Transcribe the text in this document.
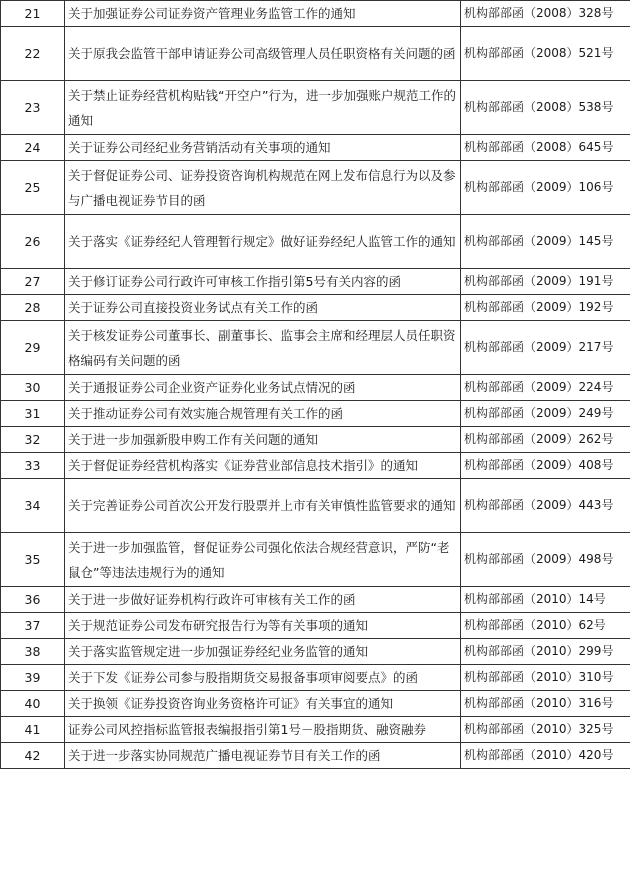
21	关于加强证券公司证券资产管理业务监管工作的通知	机构部部函（2008）328号
22	关于原我会监管干部申请证券公司高级管理人员任职资格有关问题的函	机构部部函（2008）521号
23	关于禁止证券经营机构贴钱“开空户”行为，进一步加强账户规范工作的通知	机构部部函（2008）538号
24	关于证券公司经纪业务营销活动有关事项的通知	机构部部函（2008）645号
25	关于督促证券公司、证券投资咨询机构规范在网上发布信息行为以及参与广播电视证券节目的函	机构部部函（2009）106号
26	关于落实《证券经纪人管理暂行规定》做好证券经纪人监管工作的通知	机构部部函（2009）145号
27	关于修订证券公司行政许可审核工作指引第5号有关内容的函	机构部部函（2009）191号
28	关于证券公司直接投资业务试点有关工作的函	机构部部函（2009）192号
29	关于核发证券公司董事长、副董事长、监事会主席和经理层人员任职资格编码有关问题的函	机构部部函（2009）217号
30	关于通报证券公司企业资产证券化业务试点情况的函	机构部部函（2009）224号
31	关于推动证券公司有效实施合规管理有关工作的函	机构部部函（2009）249号
32	关于进一步加强新股申购工作有关问题的通知	机构部部函（2009）262号
33	关于督促证券经营机构落实《证券营业部信息技术指引》的通知	机构部部函（2009）408号
34	关于完善证券公司首次公开发行股票并上市有关审慎性监管要求的通知	机构部部函（2009）443号
35	关于进一步加强监管，督促证券公司强化依法合规经营意识，严防“老鼠仓”等违法违规行为的通知	机构部部函（2009）498号
36	关于进一步做好证券机构行政许可审核有关工作的函	机构部部函（2010）14号
37	关于规范证券公司发布研究报告行为等有关事项的通知	机构部部函（2010）62号
38	关于落实监管规定进一步加强证券经纪业务监管的通知	机构部部函（2010）299号
39	关于下发《证券公司参与股指期货交易报备事项审阅要点》的函	机构部部函（2010）310号
40	关于换领《证券投资咨询业务资格许可证》有关事宜的通知	机构部部函（2010）316号
41	证券公司风控指标监管报表编报指引第1号－股指期货、融资融券	机构部部函（2010）325号
42	关于进一步落实协同规范广播电视证券节目有关工作的函	机构部部函（2010）420号
